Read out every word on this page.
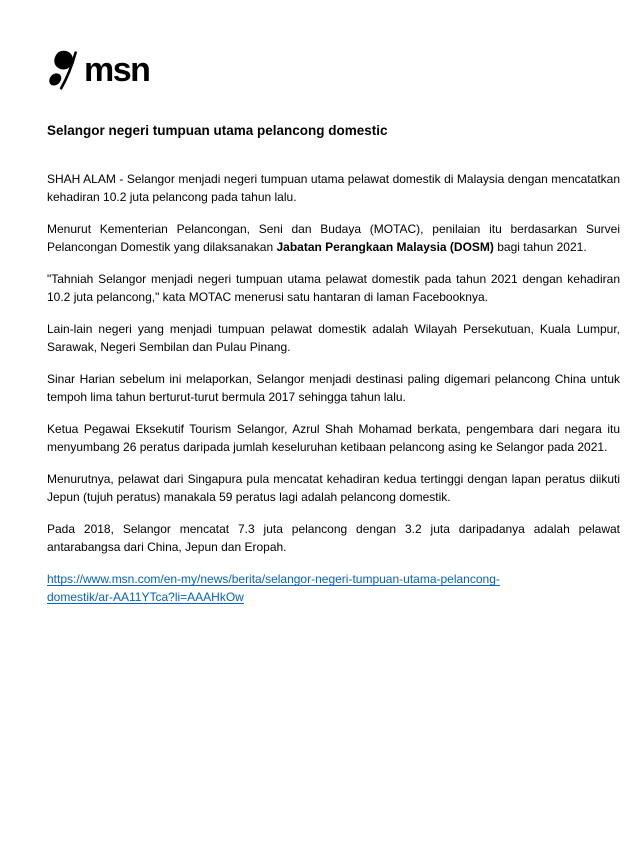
msn
Selangor negeri tumpuan utama pelancong domestic

SHAH ALAM - Selangor menjadi negeri tumpuan utama pelawat domestik di Malaysia dengan mencatatkan kehadiran 10.2 juta pelancong pada tahun lalu.

Menurut Kementerian Pelancongan, Seni dan Budaya (MOTAC), penilaian itu berdasarkan Survei Pelancongan Domestik yang dilaksanakan Jabatan Perangkaan Malaysia (DOSM) bagi tahun 2021.

"Tahniah Selangor menjadi negeri tumpuan utama pelawat domestik pada tahun 2021 dengan kehadiran 10.2 juta pelancong," kata MOTAC menerusi satu hantaran di laman Facebooknya.

Lain-lain negeri yang menjadi tumpuan pelawat domestik adalah Wilayah Persekutuan, Kuala Lumpur, Sarawak, Negeri Sembilan dan Pulau Pinang.

Sinar Harian sebelum ini melaporkan, Selangor menjadi destinasi paling digemari pelancong China untuk tempoh lima tahun berturut-turut bermula 2017 sehingga tahun lalu.

Ketua Pegawai Eksekutif Tourism Selangor, Azrul Shah Mohamad berkata, pengembara dari negara itu menyumbang 26 peratus daripada jumlah keseluruhan ketibaan pelancong asing ke Selangor pada 2021.

Menurutnya, pelawat dari Singapura pula mencatat kehadiran kedua tertinggi dengan lapan peratus diikuti Jepun (tujuh peratus) manakala 59 peratus lagi adalah pelancong domestik.

Pada 2018, Selangor mencatat 7.3 juta pelancong dengan 3.2 juta daripadanya adalah pelawat antarabangsa dari China, Jepun dan Eropah.

https://www.msn.com/en-my/news/berita/selangor-negeri-tumpuan-utama-pelancong-
domestik/ar-AA11YTca?li=AAAHkOw
